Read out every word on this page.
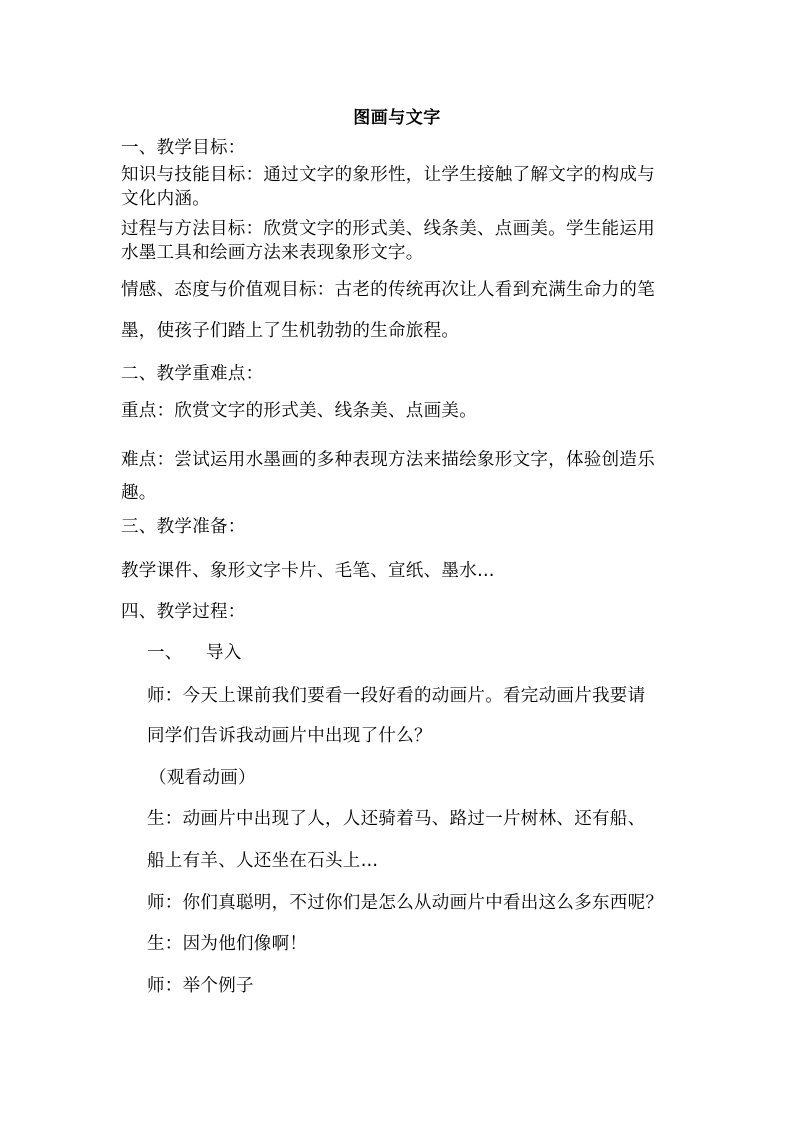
图画与文字
一、教学目标：
知识与技能目标：通过文字的象形性，让学生接触了解文字的构成与
文化内涵。
过程与方法目标：欣赏文字的形式美、线条美、点画美。学生能运用
水墨工具和绘画方法来表现象形文字。
情感、态度与价值观目标：古老的传统再次让人看到充满生命力的笔
墨，使孩子们踏上了生机勃勃的生命旅程。
二、教学重难点：
重点：欣赏文字的形式美、线条美、点画美。
难点：尝试运用水墨画的多种表现方法来描绘象形文字，体验创造乐
趣。
三、教学准备：
教学课件、象形文字卡片、毛笔、宣纸、墨水…
四、教学过程：
一、    导入
师：今天上课前我们要看一段好看的动画片。看完动画片我要请
同学们告诉我动画片中出现了什么？
（观看动画）
生：动画片中出现了人，人还骑着马、路过一片树林、还有船、
船上有羊、人还坐在石头上…
师：你们真聪明，不过你们是怎么从动画片中看出这么多东西呢？
生：因为他们像啊！
师：举个例子
